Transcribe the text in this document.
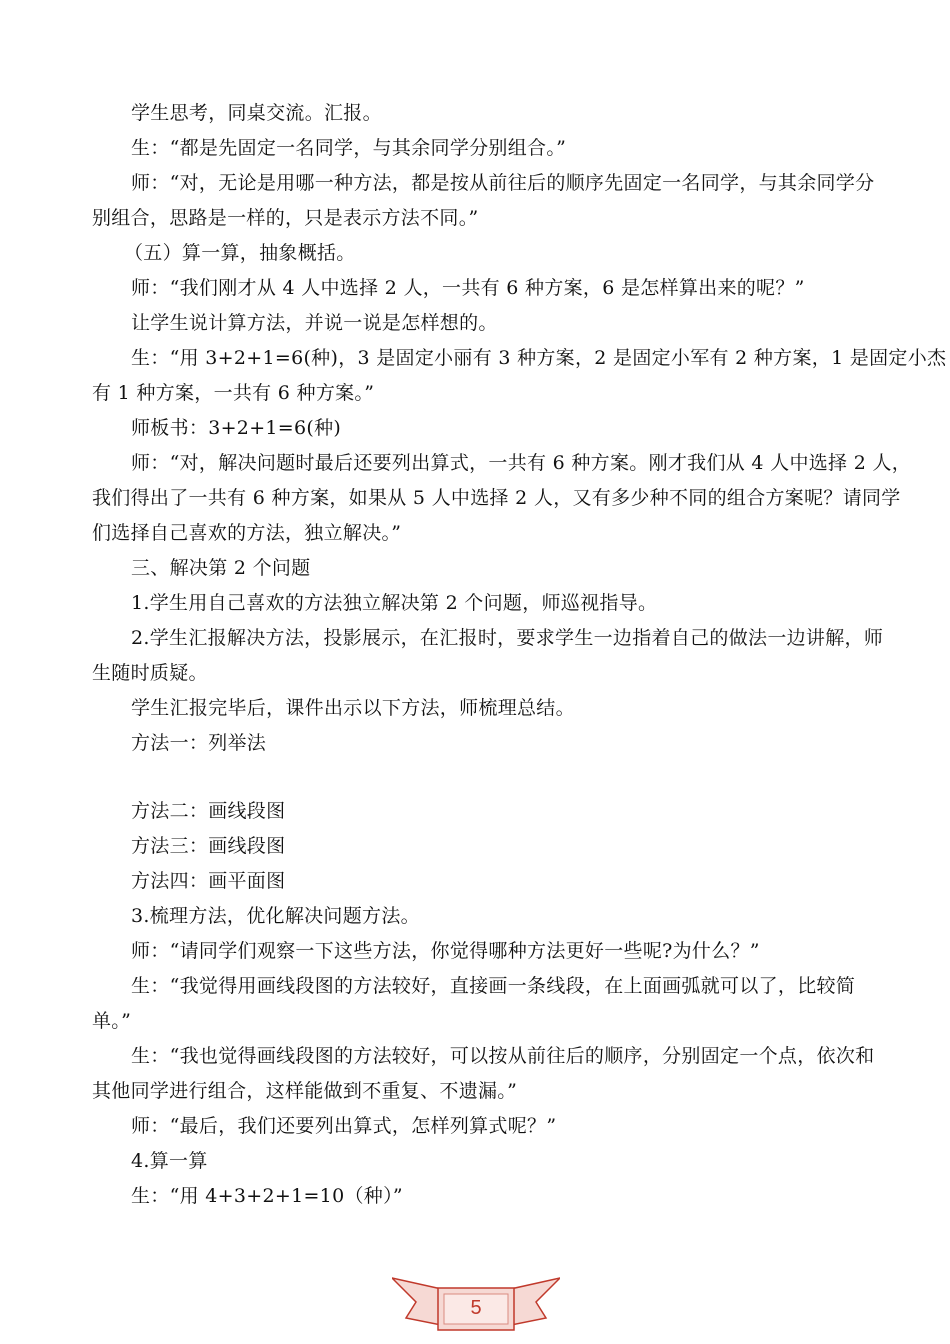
学生思考，同桌交流。汇报。
生：“都是先固定一名同学，与其余同学分别组合。”
师：“对，无论是用哪一种方法，都是按从前往后的顺序先固定一名同学，与其余同学分
别组合，思路是一样的，只是表示方法不同。”
（五）算一算，抽象概括。
师：“我们刚才从 4 人中选择 2 人，一共有 6 种方案，6 是怎样算出来的呢？”
让学生说计算方法，并说一说是怎样想的。
生：“用 3+2+1=6(种)，3 是固定小丽有 3 种方案，2 是固定小军有 2 种方案，1 是固定小杰
有 1 种方案，一共有 6 种方案。”
师板书：3+2+1=6(种)
师：“对，解决问题时最后还要列出算式，一共有 6 种方案。刚才我们从 4 人中选择 2 人，
我们得出了一共有 6 种方案，如果从 5 人中选择 2 人，又有多少种不同的组合方案呢？请同学
们选择自己喜欢的方法，独立解决。”
三、解决第 2 个问题
1.学生用自己喜欢的方法独立解决第 2 个问题，师巡视指导。
2.学生汇报解决方法，投影展示，在汇报时，要求学生一边指着自己的做法一边讲解，师
生随时质疑。
学生汇报完毕后，课件出示以下方法，师梳理总结。
方法一：列举法
方法二：画线段图
方法三：画线段图
方法四：画平面图
3.梳理方法，优化解决问题方法。
师：“请同学们观察一下这些方法，你觉得哪种方法更好一些呢?为什么？”
生：“我觉得用画线段图的方法较好，直接画一条线段，在上面画弧就可以了，比较简
单。”
生：“我也觉得画线段图的方法较好，可以按从前往后的顺序，分别固定一个点，依次和
其他同学进行组合，这样能做到不重复、不遗漏。”
师：“最后，我们还要列出算式，怎样列算式呢？”
4.算一算
生：“用 4+3+2+1=10（种）”
5
